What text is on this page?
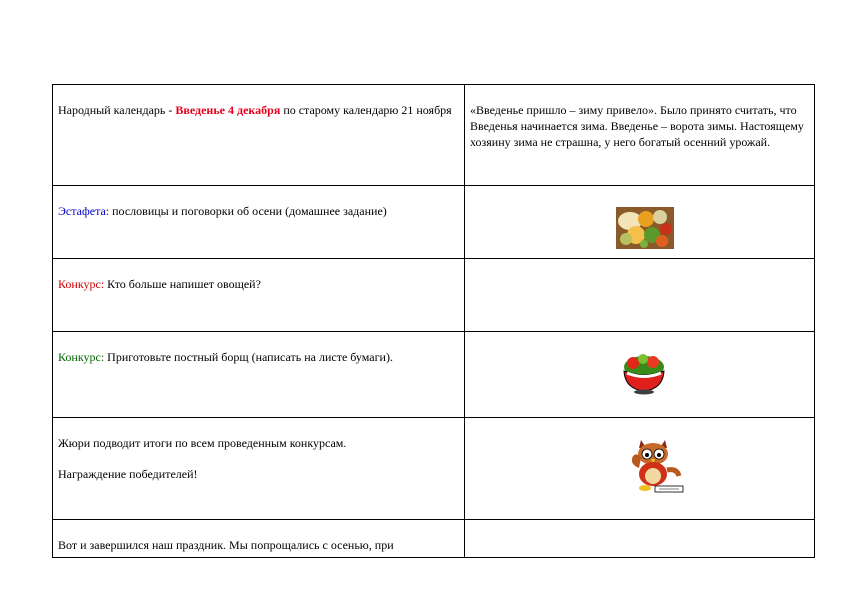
Народный календарь - Введенье 4 декабря по старому календарю 21 ноября	«Введенье пришло – зиму привело». Было принято считать, что Введенья начинается зима. Введенье – ворота зимы. Настоящему хозяину зима не страшна, у него богатый осенний урожай.
Эстафета: пословицы и поговорки об осени (домашнее задание)	

Конкурс: Кто больше напишет овощей?	
Конкурс: Приготовьте постный борщ (написать на листе бумаги).	

Жюри подводит итоги по всем проведенным конкурсам.

Награждение победителей!

Вот и завершился наш праздник. Мы попрощались с осенью, при	
